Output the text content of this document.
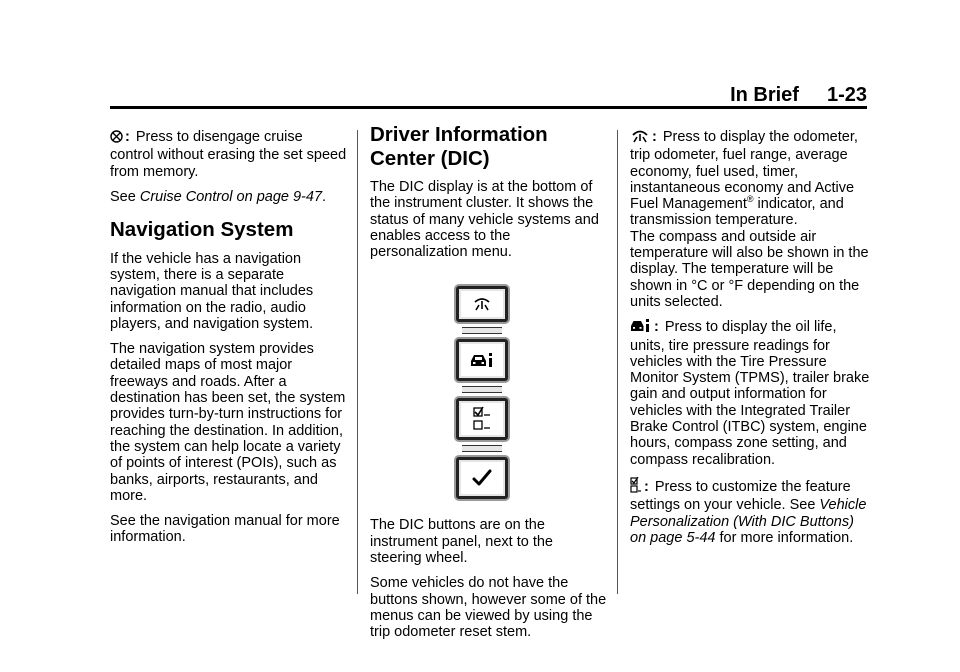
In Brief 1-23

: Press to disengage cruise control without erasing the set speed from memory.

See Cruise Control on page 9-47.

Navigation System

If the vehicle has a navigation system, there is a separate navigation manual that includes information on the radio, audio players, and navigation system.

The navigation system provides detailed maps of most major freeways and roads. After a destination has been set, the system provides turn-by-turn instructions for reaching the destination. In addition, the system can help locate a variety of points of interest (POIs), such as banks, airports, restaurants, and more.

See the navigation manual for more information.

Driver Information
Center (DIC)

The DIC display is at the bottom of the instrument cluster. It shows the status of many vehicle systems and enables access to the personalization menu.

The DIC buttons are on the instrument panel, next to the steering wheel.

Some vehicles do not have the buttons shown, however some of the menus can be viewed by using the trip odometer reset stem.

: Press to display the odometer, trip odometer, fuel range, average economy, fuel used, timer, instantaneous economy and Active Fuel Management® indicator, and transmission temperature.

The compass and outside air temperature will also be shown in the display. The temperature will be shown in °C or °F depending on the units selected.

: Press to display the oil life, units, tire pressure readings for vehicles with the Tire Pressure Monitor System (TPMS), trailer brake gain and output information for vehicles with the Integrated Trailer Brake Control (ITBC) system, engine hours, compass zone setting, and compass recalibration.

: Press to customize the feature settings on your vehicle. See Vehicle Personalization (With DIC Buttons) on page 5-44 for more information.
